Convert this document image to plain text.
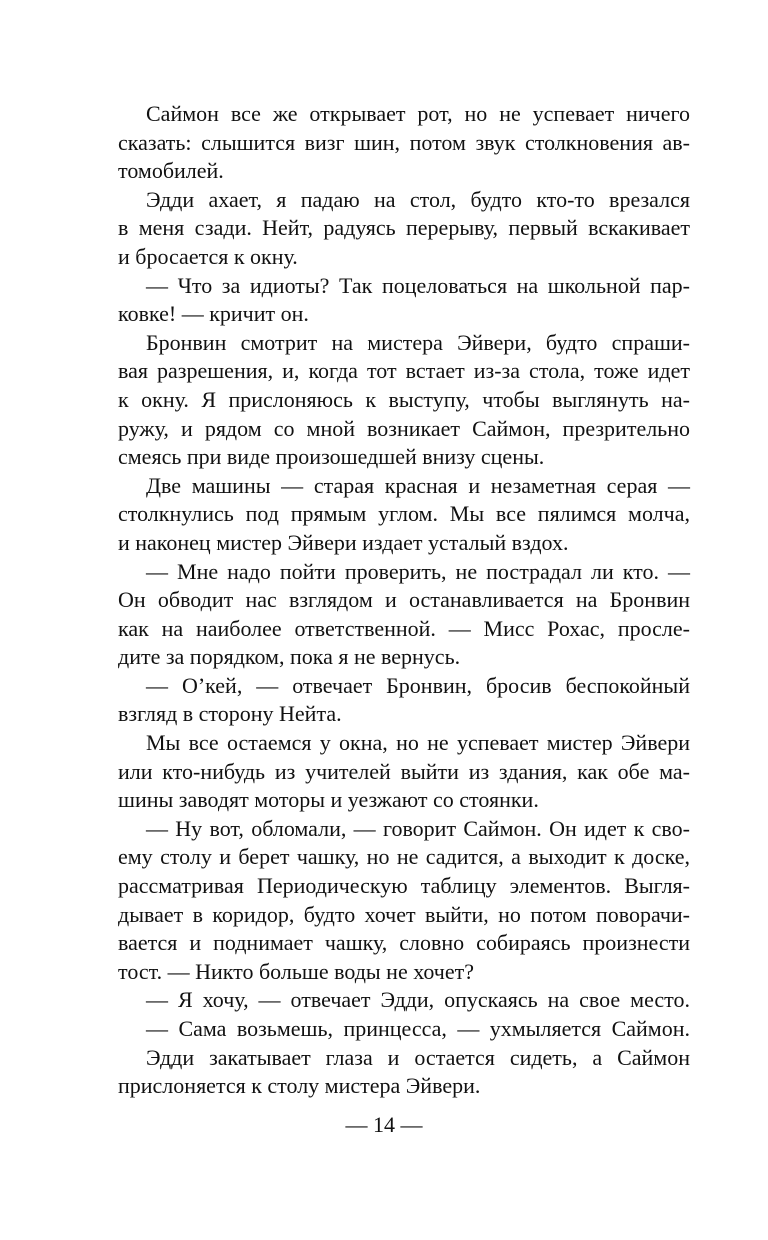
Саймон все же открывает рот, но не успевает ничего
сказать: слышится визг шин, потом звук столкновения ав-
томобилей.
Эдди ахает, я падаю на стол, будто кто-то врезался
в меня сзади. Нейт, радуясь перерыву, первый вскакивает
и бросается к окну.
— Что за идиоты? Так поцеловаться на школьной пар-
ковке! — кричит он.
Бронвин смотрит на мистера Эйвери, будто спраши-
вая разрешения, и, когда тот встает из-за стола, тоже идет
к окну. Я прислоняюсь к выступу, чтобы выглянуть на-
ружу, и рядом со мной возникает Саймон, презрительно
смеясь при виде произошедшей внизу сцены.
Две машины — старая красная и незаметная серая —
столкнулись под прямым углом. Мы все пялимся молча,
и наконец мистер Эйвери издает усталый вздох.
— Мне надо пойти проверить, не пострадал ли кто. —
Он обводит нас взглядом и останавливается на Бронвин
как на наиболее ответственной. — Мисс Рохас, просле-
дите за порядком, пока я не вернусь.
— О’кей, — отвечает Бронвин, бросив беспокойный
взгляд в сторону Нейта.
Мы все остаемся у окна, но не успевает мистер Эйвери
или кто-нибудь из учителей выйти из здания, как обе ма-
шины заводят моторы и уезжают со стоянки.
— Ну вот, обломали, — говорит Саймон. Он идет к сво-
ему столу и берет чашку, но не садится, а выходит к доске,
рассматривая Периодическую таблицу элементов. Выгля-
дывает в коридор, будто хочет выйти, но потом поворачи-
вается и поднимает чашку, словно собираясь произнести
тост. — Никто больше воды не хочет?
— Я хочу, — отвечает Эдди, опускаясь на свое место.
— Сама возьмешь, принцесса, — ухмыляется Саймон.
Эдди закатывает глаза и остается сидеть, а Саймон
прислоняется к столу мистера Эйвери.
— 14 —
